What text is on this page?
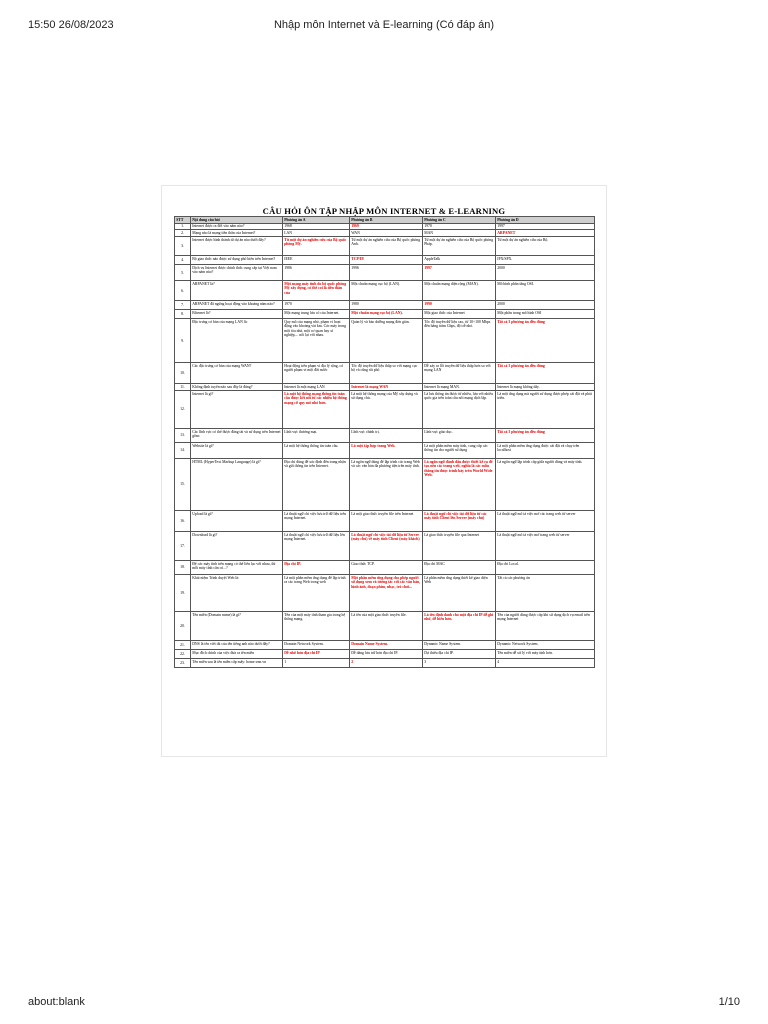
15:50 26/08/2023	Nhập môn Internet và E-learning (Có đáp án)
CÂU HỎI ÔN TẬP NHẬP MÔN INTERNET & E-LEARNING
STT	Nội dung câu hỏi	Phương án A	Phương án B	Phương án C	Phương án D
1.	Internet được ra đời vào năm nào?	1968	1969	1970	1997
2.	Mạng nào là mạng tiền thân của Internet?	LAN	WAN	MAN	ARPANET
3.	Internet được hình thành từ dự án nào dưới đây?	Từ một dự án nghiên cứu của Bộ quốc phòng Mỹ.	Từ một dự án nghiên cứu của Bộ quốc phòng Anh.	Từ một dự án nghiên cứu của Bộ quốc phòng Pháp.	Từ một dự án nghiên cứu của Bộ.
4.	Bộ giao thức nào được sử dụng phổ biến trên Internet?	IEEE	TCP/IP.	AppleTalk	IPX/SPX.
5.	Dịch vụ Internet được chính thức cung cấp tại Việt nam vào năm nào?	1986	1996	1997	2000
6.	ARPANET là?	Một mạng máy tính do bộ quốc phòng Mỹ xây dựng, có thể coi là tiền thân của	Một chuẩn mạng cục bộ (LAN).	Một chuẩn mạng diện rộng (MAN).	Mô hình phân tầng OSI.
7.	ARPANET đã ngừng hoạt động vào khoảng năm nào?	1970	1980	1990	2000
8.	Ethernet là?	Một mạng trung lưu cổ của Internet.	Một chuẩn mạng cục bộ (LAN).	Một giao thức của Internet	Một phần trong mô hình OSI
9.	Đặc trưng cơ bản của mạng LAN là:	Quy mô của mạng nhỏ, phạm vi hoạt động vào khoảng vài km. Các máy trong một tòa nhà, một cơ quan hay xí nghiệp,... nối lại với nhau.	Quản lý và bảo dưỡng mạng đơn giản.	Tốc độ truyền dữ liệu cao, từ 10÷100 Mbps đến hàng trăm Gbps, độ trễ nhỏ.	Tất cả 3 phương án đều đúng
10.	Các đặc trưng cơ bản của mạng WAN?	Hoạt động trên phạm vi địa lý rộng, có người phạm vi một đất nước	Tốc độ truyền dữ liệu thấp so với mạng cục bộ và cũng rất phổ	Dễ xảy ra lỗi truyền dữ liệu thấp hơn so với mạng LAN	Tất cả 3 phương án đều đúng
11.	Không định tuyến nào sau đây là đúng?	Internet là một mạng LAN	Internet là mạng WAN	Internet là mạng MAN.	Internet là mạng không dây.
12.	Internet là gì?	Là một hệ thống mạng thông tin toàn cầu được kết nối từ các nhiều hệ thống mạng cỡ quy mô nhỏ hơn.	Là một hệ thống mạng của Mỹ xây dựng và sử dụng chủ.	Là lưu thông tin được từ nhiều, lưu với nhiều quốc gia trên toàn cầu nối mạng dịch lập.	Là một ứng dụng mà người sử dụng được phép cài đặt và phát triển.
13.	Các lĩnh vực có thể được đăng tải và sử dụng trên Internet gồm:	Lĩnh vực thương mại.	Lĩnh vực chính trị.	Lĩnh vực giáo dục.	Tất cả 3 phương án đều đúng
14.	Website là gì?	Là một hệ thống thông tin toàn cầu.	Là một tập hợp trang Web.	Là một phần mềm máy tính, cung cấp các thông tin cho người sử dụng	Là một phần mềm ứng dụng được cài đặt và chạy trên localhost
15.	HTML (HyperText Markup Language) là gì?	Địa chỉ dùng để xác định đến trang nhận và gửi thông tin trên Internet.	Là ngôn ngữ dùng để lập trình các trang Web và các văn bản đa phương tiện trên máy tính.	Là ngôn ngữ đánh dấu được thiết kế ra để tạo nên các trang web, nghĩa là các mẫu thông tin được trình bày trên World Wide Web.	Là ngôn ngữ lập trình cấp giữa người dùng và máy tính.
16.	Upload là gì?	Là thuật ngữ chỉ việc lưu trữ dữ liệu trên mạng Internet.	Là một giao thức truyền file trên Internet	Là thuật ngữ chỉ việc tải dữ liệu từ các máy tính Client lên Server (máy chủ)	Là thuật ngữ mô tả việc mở các trang web từ server
17.	Download là gì?	Là thuật ngữ chỉ việc lưu trữ dữ liệu lên mạng Internet.	Là thuật ngữ chỉ việc tải dữ liệu từ Server (máy chủ) về máy tính Client (máy khách)	Là giao thức truyền file qua Internet	Là thuật ngữ mô tả việc mở trang web từ server
18.	Để các máy tính trên mạng có thể liên lạc với nhau, thì mỗi máy tính cần có...?	Địa chỉ IP.	Giao thức TCP.	Địa chỉ MAC	Địa chỉ Local.
19.	Khái niệm Trình duyệt Web là:	Là một phần mềm ứng dụng để lập trình ra các trang Web trong web	Một phần mềm ứng dụng cho phép người sử dụng xem và tương tác với các văn bản, hình ảnh, đoạn phim, nhạc, trò chơi...	Là phần mềm ứng dụng thiết kế giao diện Web	Tất cả các phương án
20.	Tên miền (Domain name) là gì?	Tên của một máy tính tham gia trong hệ thống mạng.	Là tên của một giao thức truyền file.	Là tên định danh cho một địa chỉ IP dễ ghi nhớ, dễ hiểu hơn.	Tên của người dùng được cấp khi sử dụng dịch vụ email trên mạng Internet
21.	DNS là tên viết tắt của tên tiếng anh nào dưới đây?	Domain Network System.	Domain Name System.	Dynamic Name System.	Dynamic Network System.
22.	Mục đích chính của việc đưa ra tên miền	Dễ nhớ hơn địa chỉ IP	Dễ dàng lưu trữ hơn địa chỉ IP.	Dự thiếu địa chỉ IP.	Tên miền dễ xử lý với máy tính hơn.
23.	Tên miền sau là tên miền cấp mấy: home.vnn.vn	1	2	3	4
about:blank	1/10
